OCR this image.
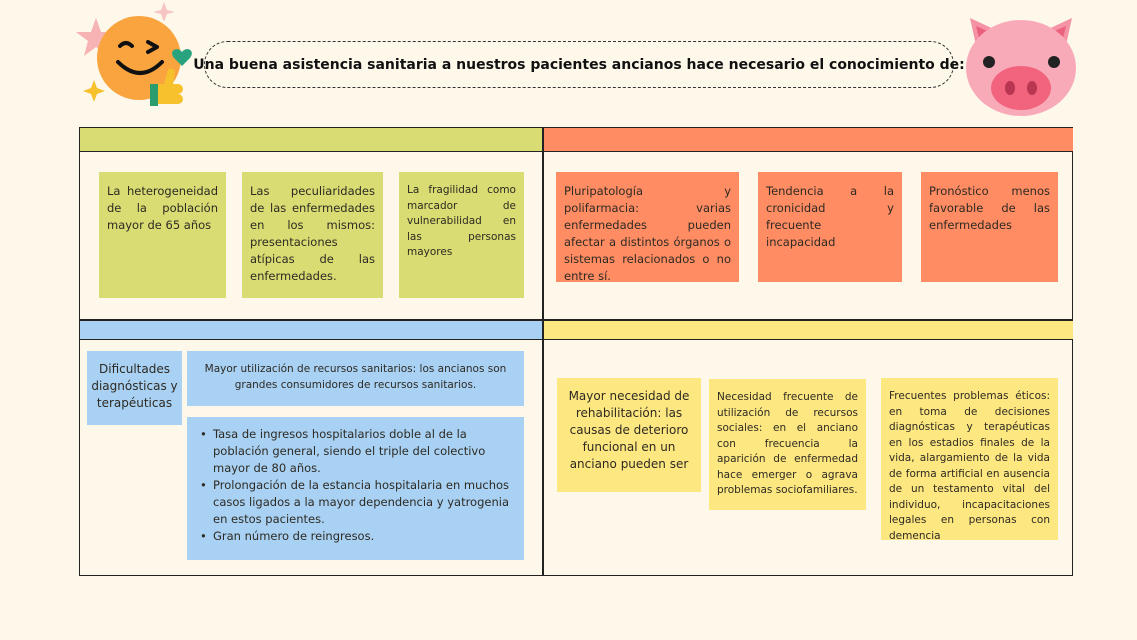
Una buena asistencia sanitaria a nuestros pacientes ancianos hace necesario el conocimiento de:
La heterogeneidad de la población mayor de 65 años
Las peculiaridades de las enfermedades en los mismos: presentaciones atípicas de las enfermedades.
La fragilidad como marcador de vulnerabilidad en las personas mayores
Pluripatología y polifarmacia: varias enfermedades pueden afectar a distintos órganos o sistemas relacionados o no entre sí.
Tendencia a la cronicidad y frecuente incapacidad
Pronóstico menos favorable de las enfermedades
Dificultades diagnósticas y terapéuticas
Mayor utilización de recursos sanitarios: los ancianos son grandes consumidores de recursos sanitarios.
• Tasa de ingresos hospitalarios doble al de la población general, siendo el triple del colectivo mayor de 80 años.
• Prolongación de la estancia hospitalaria en muchos casos ligados a la mayor dependencia y yatrogenia en estos pacientes.
• Gran número de reingresos.
Mayor necesidad de rehabilitación: las causas de deterioro funcional en un anciano pueden ser
Necesidad frecuente de utilización de recursos sociales: en el anciano con frecuencia la aparición de enfermedad hace emerger o agrava problemas sociofamiliares.
Frecuentes problemas éticos: en toma de decisiones diagnósticas y terapéuticas en los estadios finales de la vida, alargamiento de la vida de forma artificial en ausencia de un testamento vital del individuo, incapacitaciones legales en personas con demencia
